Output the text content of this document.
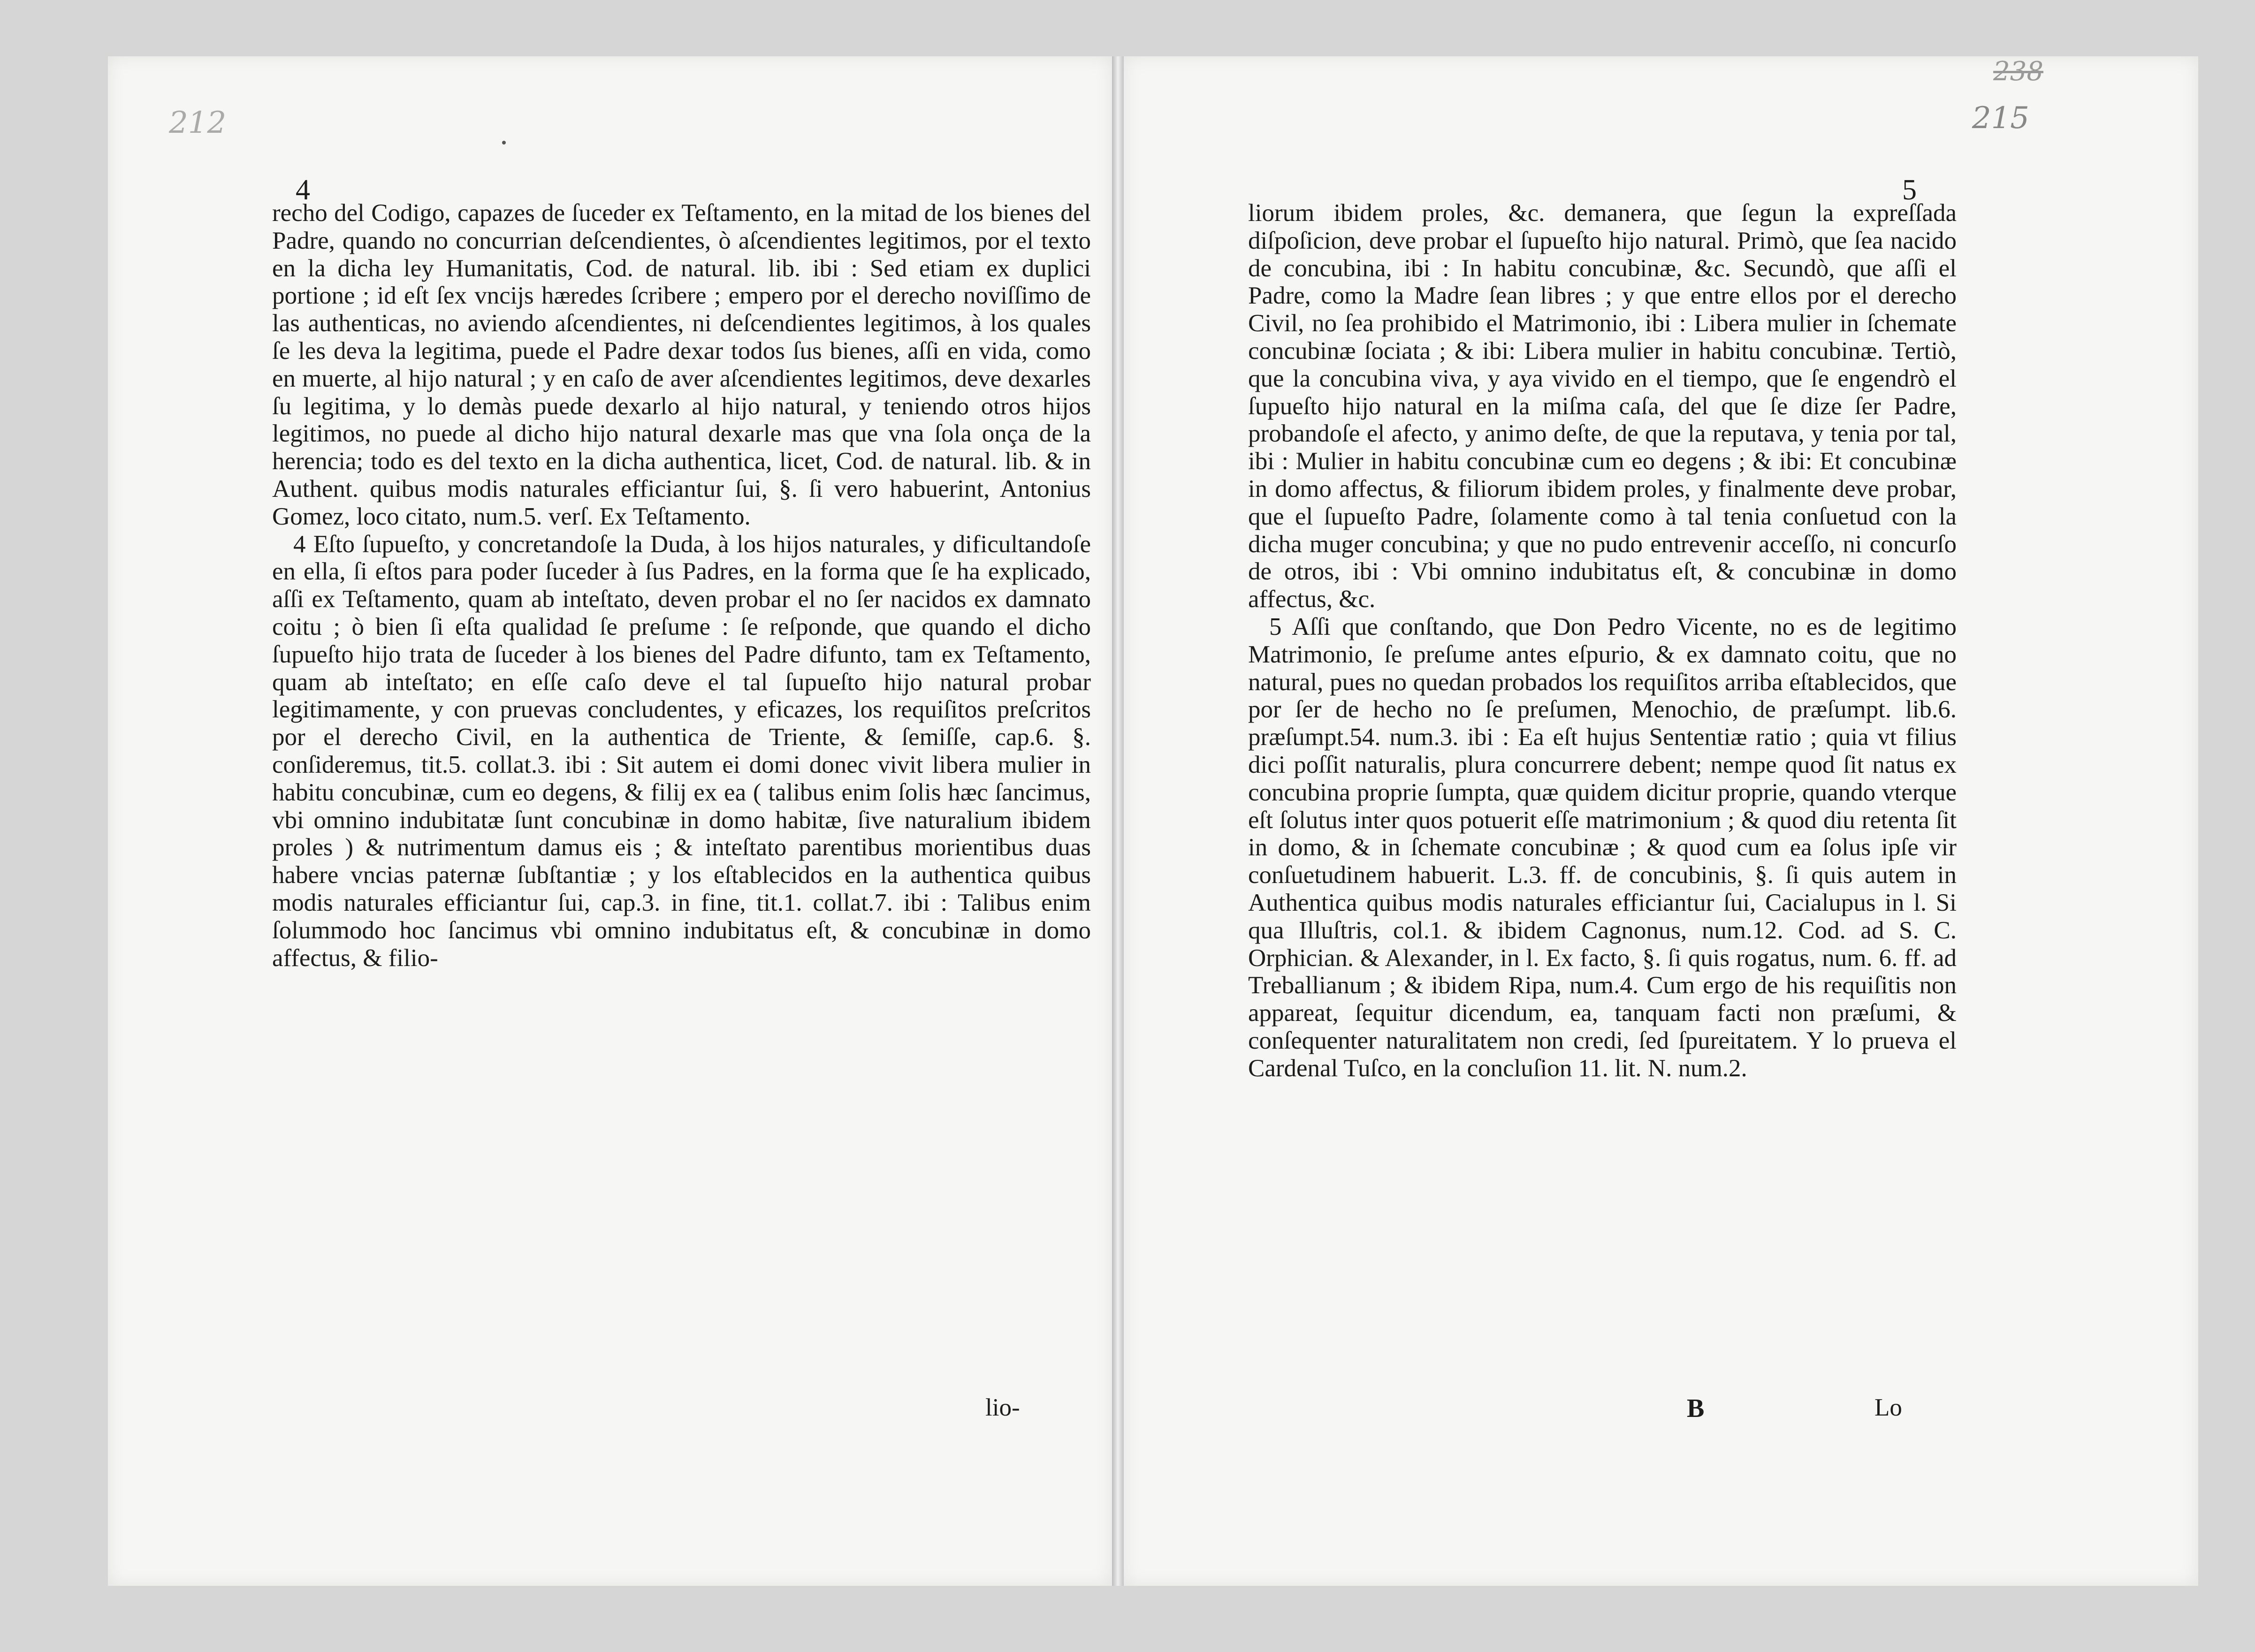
212
4

recho del Codigo, capazes de ſuceder ex Teſtamento, en la mitad de los bienes del Padre, quando no concurrian deſcendientes, ò aſcendientes legitimos, por el texto en la dicha ley Humanitatis, Cod. de natural. lib. ibi : Sed etiam ex duplici portione ; id eſt ſex vncijs hæredes ſcribere ; empero por el derecho noviſſimo de las authenticas, no aviendo aſcendientes, ni deſcendientes legitimos, à los quales ſe les deva la legitima, puede el Padre dexar todos ſus bienes, aſſi en vida, como en muerte, al hijo natural ; y en caſo de aver aſcendientes legitimos, deve dexarles ſu legitima, y lo demàs puede dexarlo al hijo natural, y teniendo otros hijos legitimos, no puede al dicho hijo natural dexarle mas que vna ſola onça de la herencia; todo es del texto en la dicha authentica, licet, Cod. de natural. lib. & in Authent. quibus modis naturales efficiantur ſui, §. ſi vero habuerint, Antonius Gomez, loco citato, num.5. verſ. Ex Teſtamento.

4 Eſto ſupueſto, y concretandoſe la Duda, à los hijos naturales, y dificultandoſe en ella, ſi eſtos para poder ſuceder à ſus Padres, en la forma que ſe ha explicado, aſſi ex Teſtamento, quam ab inteſtato, deven probar el no ſer nacidos ex damnato coitu ; ò bien ſi eſta qualidad ſe preſume : ſe reſponde, que quando el dicho ſupueſto hijo trata de ſuceder à los bienes del Padre difunto, tam ex Teſtamento, quam ab inteſtato; en eſſe caſo deve el tal ſupueſto hijo natural probar legitimamente, y con pruevas concludentes, y eficazes, los requiſitos preſcritos por el derecho Civil, en la authentica de Triente, & ſemiſſe, cap.6. §. conſideremus, tit.5. collat.3. ibi : Sit autem ei domi donec vivit libera mulier in habitu concubinæ, cum eo degens, & filij ex ea ( talibus enim ſolis hæc ſancimus, vbi omnino indubitatæ ſunt concubinæ in domo habitæ, ſive naturalium ibidem proles ) & nutrimentum damus eis ; & inteſtato parentibus morientibus duas habere vncias paternæ ſubſtantiæ ; y los eſtablecidos en la authentica quibus modis naturales efficiantur ſui, cap.3. in fine, tit.1. collat.7. ibi : Talibus enim ſolummodo hoc ſancimus vbi omnino indubitatus eſt, & concubinæ in domo affectus, & filio-

lio-
238
215
5

liorum ibidem proles, &c. demanera, que ſegun la expreſſada diſpoſicion, deve probar el ſupueſto hijo natural. Primò, que ſea nacido de concubina, ibi : In habitu concubinæ, &c. Secundò, que aſſi el Padre, como la Madre ſean libres ; y que entre ellos por el derecho Civil, no ſea prohibido el Matrimonio, ibi : Libera mulier in ſchemate concubinæ ſociata ; & ibi: Libera mulier in habitu concubinæ. Tertiò, que la concubina viva, y aya vivido en el tiempo, que ſe engendrò el ſupueſto hijo natural en la miſma caſa, del que ſe dize ſer Padre, probandoſe el afecto, y animo deſte, de que la reputava, y tenia por tal, ibi : Mulier in habitu concubinæ cum eo degens ; & ibi: Et concubinæ in domo affectus, & filiorum ibidem proles, y finalmente deve probar, que el ſupueſto Padre, ſolamente como à tal tenia conſuetud con la dicha muger concubina; y que no pudo entrevenir acceſſo, ni concurſo de otros, ibi : Vbi omnino indubitatus eſt, & concubinæ in domo affectus, &c.

5 Aſſi que conſtando, que Don Pedro Vicente, no es de legitimo Matrimonio, ſe preſume antes eſpurio, & ex damnato coitu, que no natural, pues no quedan probados los requiſitos arriba eſtablecidos, que por ſer de hecho no ſe preſumen, Menochio, de præſumpt. lib.6. præſumpt.54. num.3. ibi : Ea eſt hujus Sententiæ ratio ; quia vt filius dici poſſit naturalis, plura concurrere debent; nempe quod ſit natus ex concubina proprie ſumpta, quæ quidem dicitur proprie, quando vterque eſt ſolutus inter quos potuerit eſſe matrimonium ; & quod diu retenta ſit in domo, & in ſchemate concubinæ ; & quod cum ea ſolus ipſe vir conſuetudinem habuerit. L.3. ff. de concubinis, §. ſi quis autem in Authentica quibus modis naturales efficiantur ſui, Cacialupus in l. Si qua Illuſtris, col.1. & ibidem Cagnonus, num.12. Cod. ad S. C. Orphician. & Alexander, in l. Ex facto, §. ſi quis rogatus, num. 6. ff. ad Treballianum ; & ibidem Ripa, num.4. Cum ergo de his requiſitis non appareat, ſequitur dicendum, ea, tanquam facti non præſumi, & conſequenter naturalitatem non credi, ſed ſpureitatem. Y lo prueva el Cardenal Tuſco, en la concluſion 11. lit. N. num.2.

B	Lo
